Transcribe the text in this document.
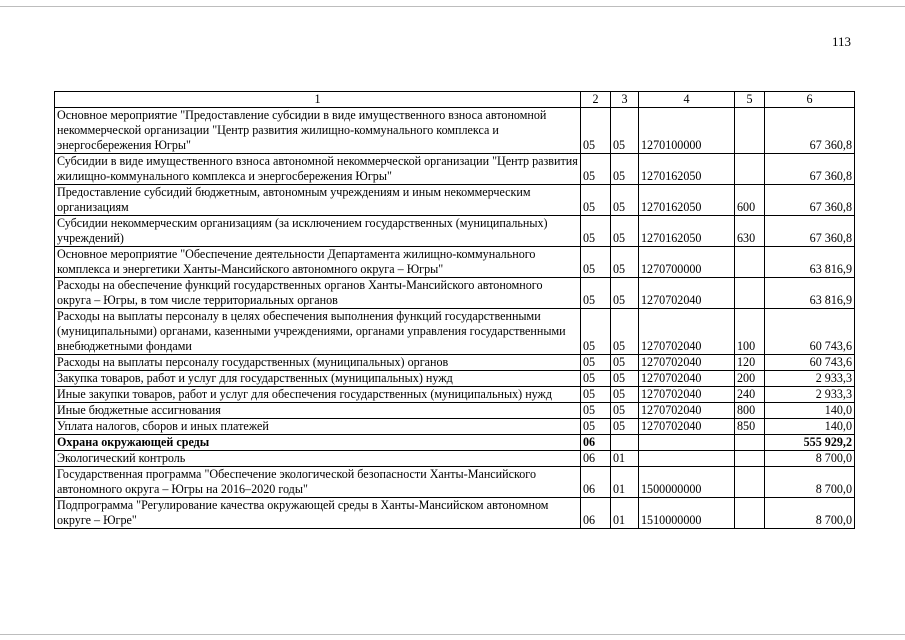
113
1	2	3	4	5	6
Основное мероприятие "Предоставление субсидии в виде имущественного взноса автономной некоммерческой организации "Центр развития жилищно-коммунального комплекса и энергосбережения Югры"	05	05	1270100000		67 360,8
Субсидии в виде имущественного взноса автономной некоммерческой организации "Центр развития жилищно-коммунального комплекса и энергосбережения Югры"	05	05	1270162050		67 360,8
Предоставление субсидий бюджетным, автономным учреждениям и иным некоммерческим организациям	05	05	1270162050	600	67 360,8
Субсидии некоммерческим организациям (за исключением государственных (муниципальных) учреждений)	05	05	1270162050	630	67 360,8
Основное мероприятие "Обеспечение деятельности Департамента жилищно-коммунального комплекса и энергетики Ханты-Мансийского автономного округа – Югры"	05	05	1270700000		63 816,9
Расходы на обеспечение функций государственных органов Ханты-Мансийского автономного округа – Югры, в том числе территориальных органов	05	05	1270702040		63 816,9
Расходы на выплаты персоналу в целях обеспечения выполнения функций государственными (муниципальными) органами, казенными учреждениями, органами управления государственными внебюджетными фондами	05	05	1270702040	100	60 743,6
Расходы на выплаты персоналу государственных (муниципальных) органов	05	05	1270702040	120	60 743,6
Закупка товаров, работ и услуг для государственных (муниципальных) нужд	05	05	1270702040	200	2 933,3
Иные закупки товаров, работ и услуг для обеспечения государственных (муниципальных) нужд	05	05	1270702040	240	2 933,3
Иные бюджетные ассигнования	05	05	1270702040	800	140,0
Уплата налогов, сборов и иных платежей	05	05	1270702040	850	140,0
Охрана окружающей среды	06				555 929,2
Экологический контроль	06	01			8 700,0
Государственная программа "Обеспечение экологической безопасности Ханты-Мансийского автономного округа – Югры на 2016–2020 годы"	06	01	1500000000		8 700,0
Подпрограмма "Регулирование качества окружающей среды в Ханты-Мансийском автономном округе – Югре"	06	01	1510000000		8 700,0
